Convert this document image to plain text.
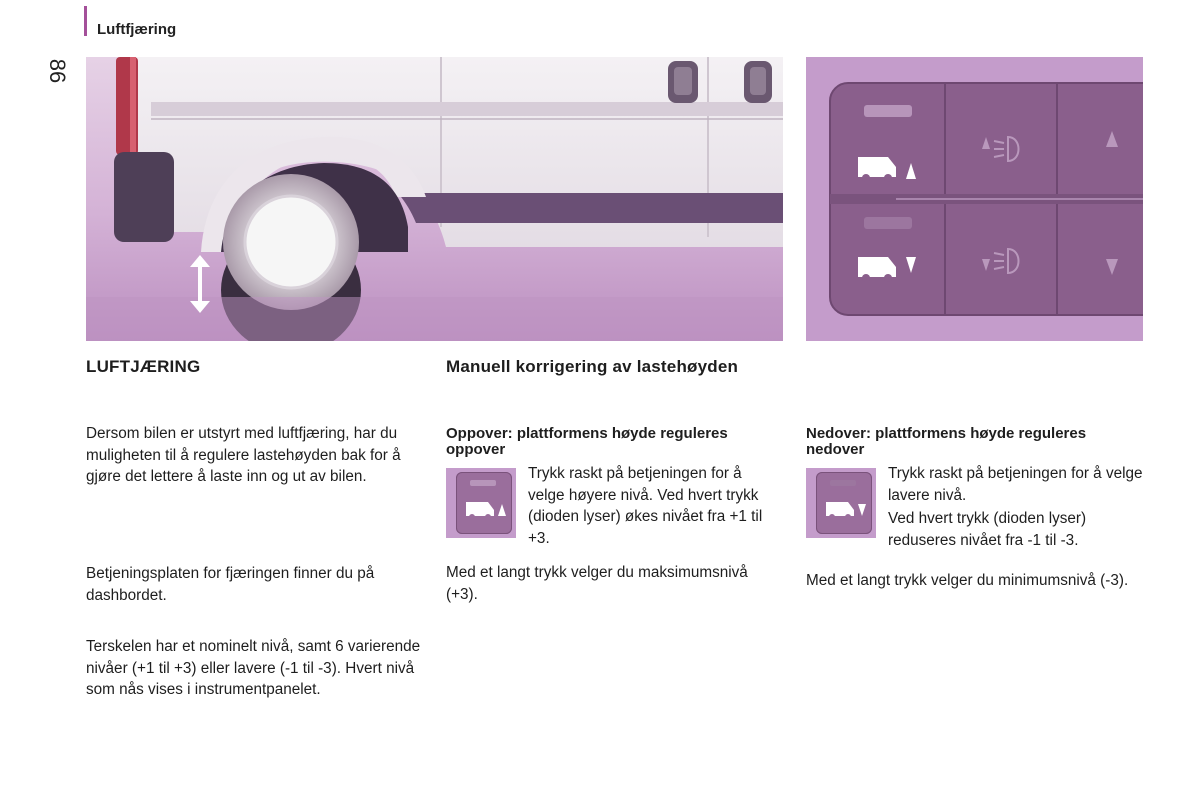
Luftfjæring
86
LUFTJÆRING	Manuell korrigering av lastehøyden

Dersom bilen er utstyrt med luftfjæring, har du muligheten til å regulere lastehøyden bak for å gjøre det lettere å laste inn og ut av bilen.

Betjeningsplaten for fjæringen finner du på dashbordet.

Terskelen har et nominelt nivå, samt 6 varierende nivåer (+1 til +3) eller lavere (-1 til -3). Hvert nivå som nås vises i instrumentpanelet.

Oppover: plattformens høyde reguleres oppover

Trykk raskt på betjeningen for å velge høyere nivå. Ved hvert trykk (dioden lyser) økes nivået fra +1 til +3.

Med et langt trykk velger du maksimumsnivå (+3).

Nedover: plattformens høyde reguleres nedover

Trykk raskt på betjeningen for å velge lavere nivå.

Ved hvert trykk (dioden lyser) reduseres nivået fra -1 til -3.

Med et langt trykk velger du minimumsnivå (-3).
